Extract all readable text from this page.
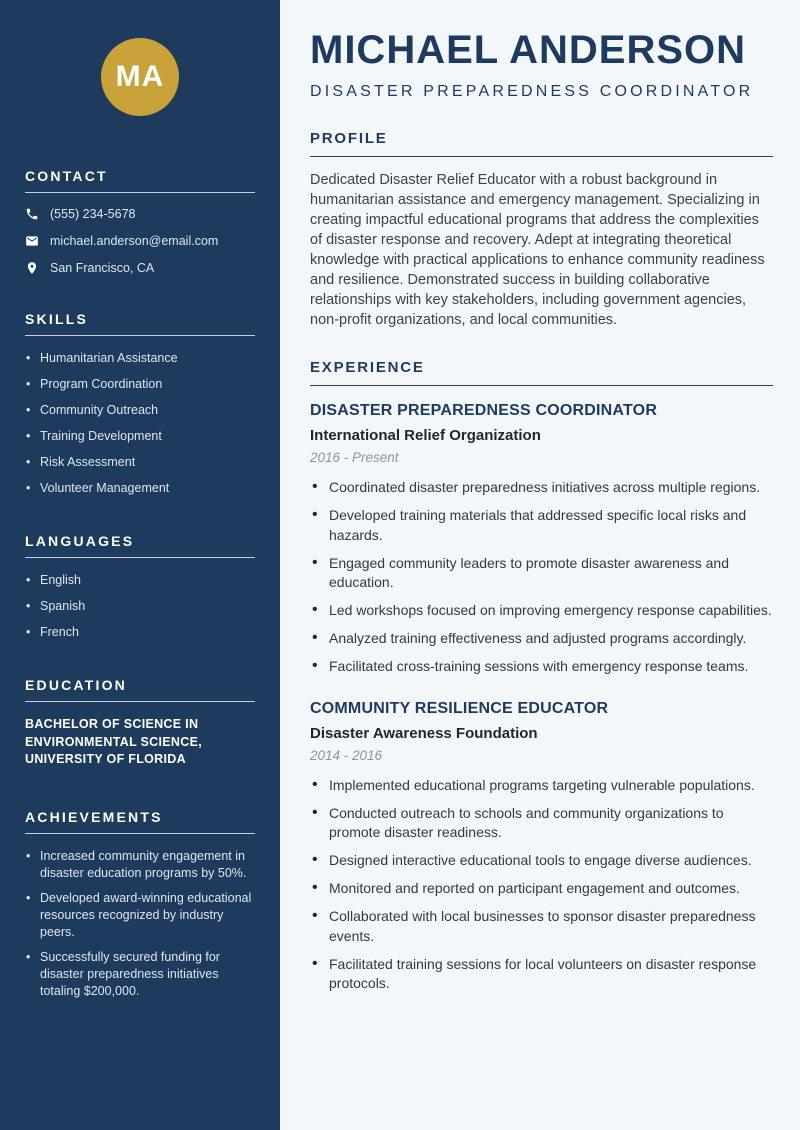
MA
CONTACT
(555) 234-5678
michael.anderson@email.com
San Francisco, CA
SKILLS
• Humanitarian Assistance
• Program Coordination
• Community Outreach
• Training Development
• Risk Assessment
• Volunteer Management
LANGUAGES
• English
• Spanish
• French
EDUCATION

BACHELOR OF SCIENCE IN ENVIRONMENTAL SCIENCE, UNIVERSITY OF FLORIDA

ACHIEVEMENTS
• Increased community engagement in disaster education programs by 50%.
• Developed award-winning educational resources recognized by industry peers.
• Successfully secured funding for disaster preparedness initiatives totaling $200,000.
MICHAEL ANDERSON
DISASTER PREPAREDNESS COORDINATOR
PROFILE

Dedicated Disaster Relief Educator with a robust background in humanitarian assistance and emergency management. Specializing in creating impactful educational programs that address the complexities of disaster response and recovery. Adept at integrating theoretical knowledge with practical applications to enhance community readiness and resilience. Demonstrated success in building collaborative relationships with key stakeholders, including government agencies, non-profit organizations, and local communities.

EXPERIENCE
DISASTER PREPAREDNESS COORDINATOR
International Relief Organization
2016 - Present
• Coordinated disaster preparedness initiatives across multiple regions.
• Developed training materials that addressed specific local risks and hazards.
• Engaged community leaders to promote disaster awareness and education.
• Led workshops focused on improving emergency response capabilities.
• Analyzed training effectiveness and adjusted programs accordingly.
• Facilitated cross-training sessions with emergency response teams.
COMMUNITY RESILIENCE EDUCATOR
Disaster Awareness Foundation
2014 - 2016
• Implemented educational programs targeting vulnerable populations.
• Conducted outreach to schools and community organizations to promote disaster readiness.
• Designed interactive educational tools to engage diverse audiences.
• Monitored and reported on participant engagement and outcomes.
• Collaborated with local businesses to sponsor disaster preparedness events.
• Facilitated training sessions for local volunteers on disaster response protocols.
